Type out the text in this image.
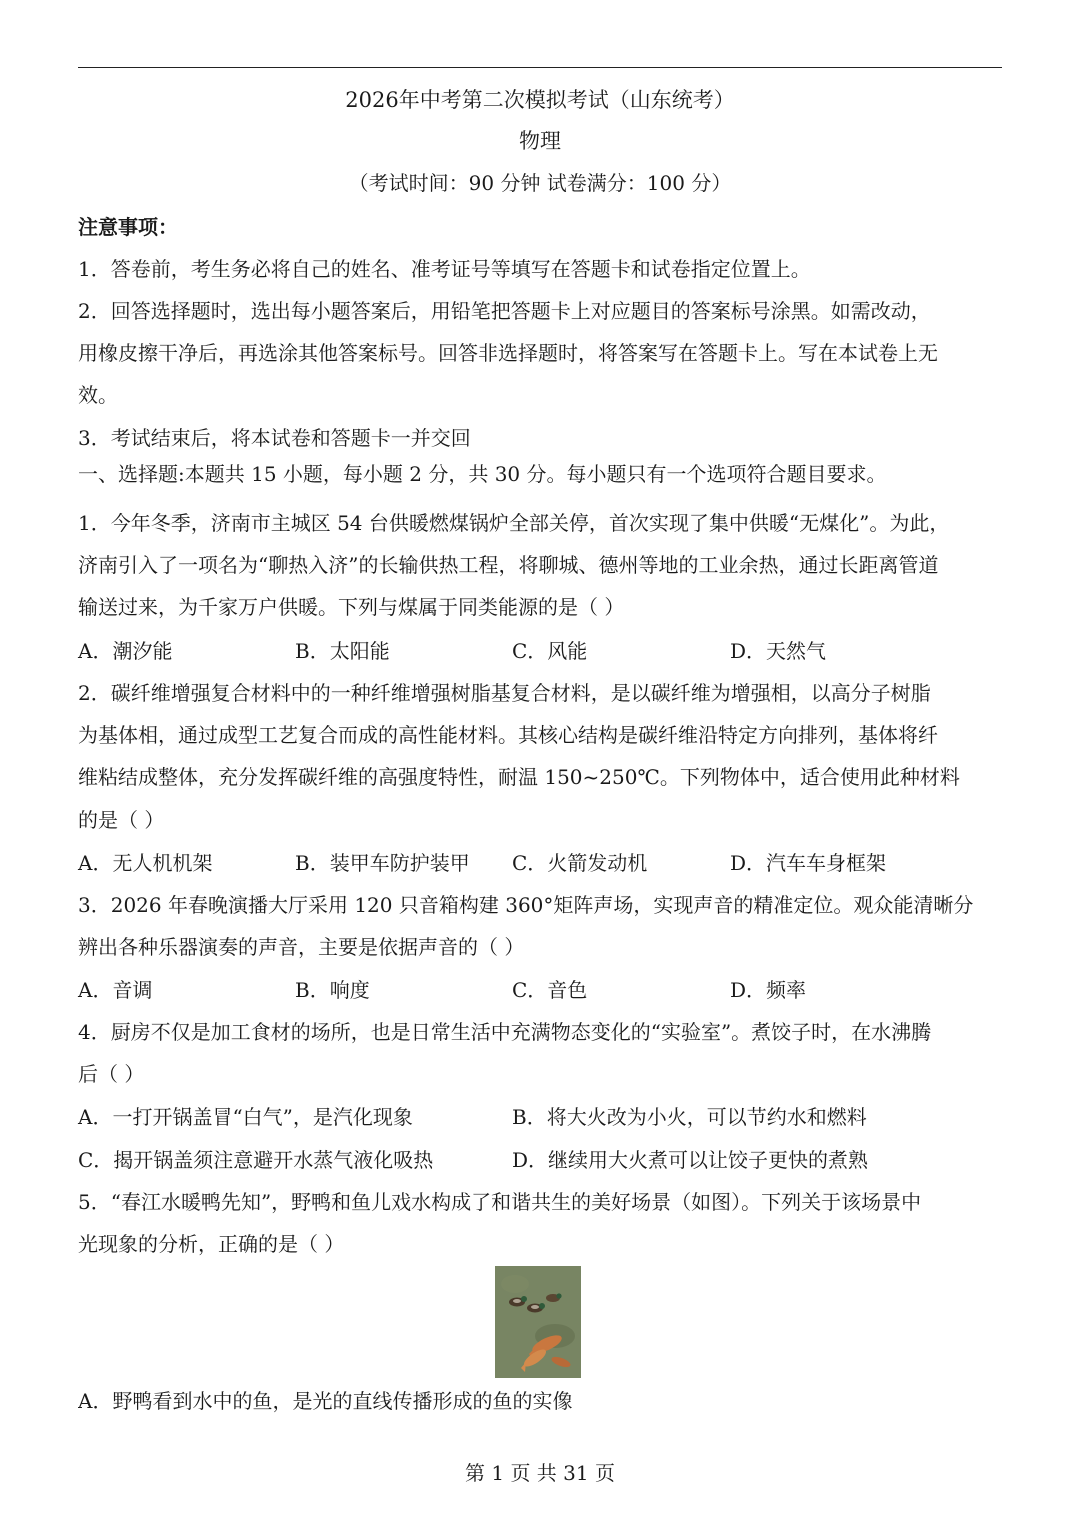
2026年中考第二次模拟考试（山东统考）
物理
（考试时间：90 分钟 试卷满分：100 分）
注意事项：
1．答卷前，考生务必将自己的姓名、准考证号等填写在答题卡和试卷指定位置上。
2．回答选择题时，选出每小题答案后，用铅笔把答题卡上对应题目的答案标号涂黑。如需改动，
用橡皮擦干净后，再选涂其他答案标号。回答非选择题时，将答案写在答题卡上。写在本试卷上无
效。
3．考试结束后，将本试卷和答题卡一并交回
一、选择题:本题共 15 小题，每小题 2 分，共 30 分。每小题只有一个选项符合题目要求。
1．今年冬季，济南市主城区 54 台供暖燃煤锅炉全部关停，首次实现了集中供暖“无煤化”。为此，
济南引入了一项名为“聊热入济”的长输供热工程，将聊城、德州等地的工业余热，通过长距离管道
输送过来，为千家万户供暖。下列与煤属于同类能源的是（ ）
A．潮汐能	B．太阳能	C．风能	D．天然气
2．碳纤维增强复合材料中的一种纤维增强树脂基复合材料，是以碳纤维为增强相，以高分子树脂
为基体相，通过成型工艺复合而成的高性能材料。其核心结构是碳纤维沿特定方向排列，基体将纤
维粘结成整体，充分发挥碳纤维的高强度特性，耐温 150~250℃。下列物体中，适合使用此种材料
的是（ ）
A．无人机机架	B．装甲车防护装甲 C．火箭发动机	D．汽车车身框架
3．2026 年春晚演播大厅采用 120 只音箱构建 360°矩阵声场，实现声音的精准定位。观众能清晰分
辨出各种乐器演奏的声音，主要是依据声音的（ ）
A．音调	B．响度	C．音色	D．频率
4．厨房不仅是加工食材的场所，也是日常生活中充满物态变化的“实验室”。煮饺子时，在水沸腾
后（ ）
A．一打开锅盖冒“白气”，是汽化现象	B．将大火改为小火，可以节约水和燃料
C．揭开锅盖须注意避开水蒸气液化吸热	D．继续用大火煮可以让饺子更快的煮熟
5．“春江水暖鸭先知”，野鸭和鱼儿戏水构成了和谐共生的美好场景（如图）。下列关于该场景中
光现象的分析，正确的是（ ）
A．野鸭看到水中的鱼，是光的直线传播形成的鱼的实像
第 1 页 共 31 页
